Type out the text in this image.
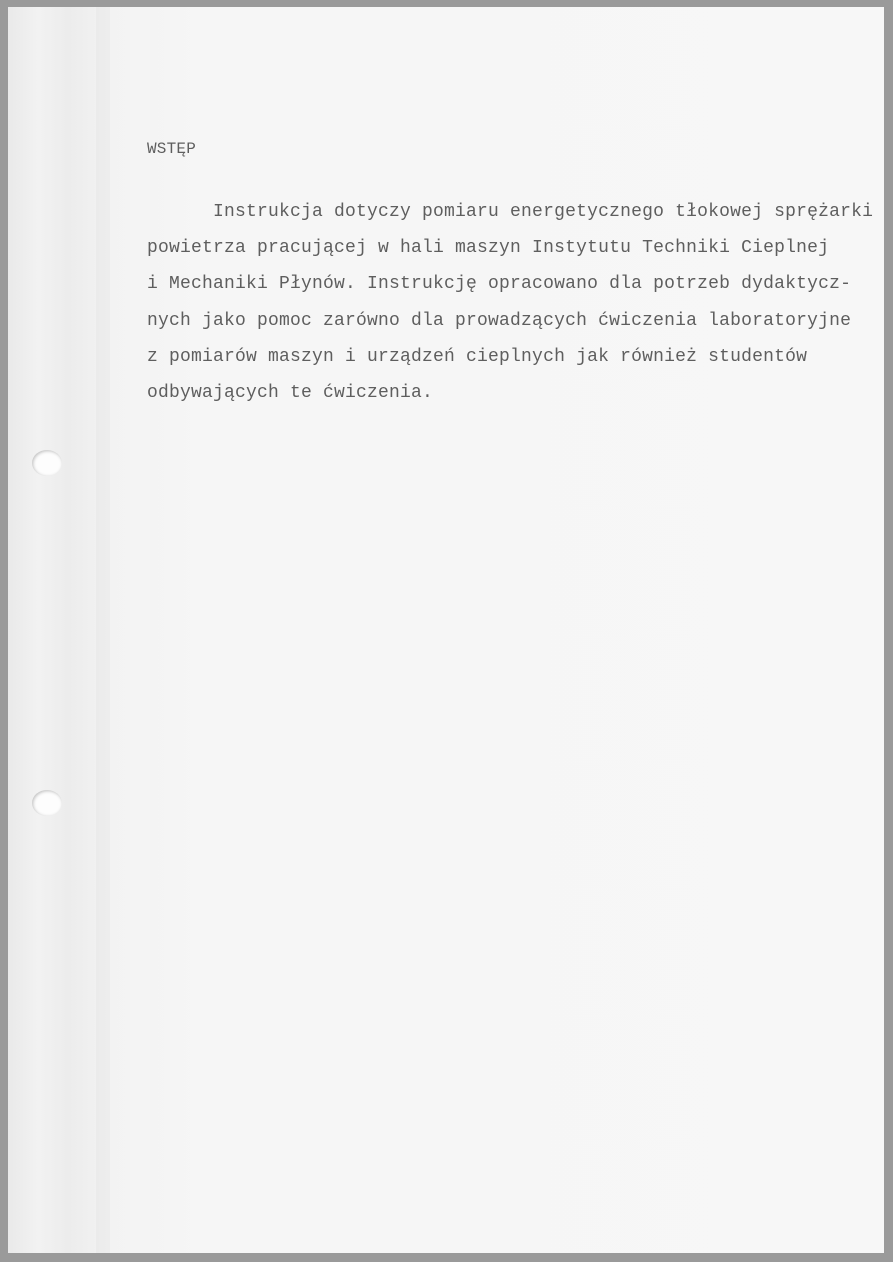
WSTĘP
Instrukcja dotyczy pomiaru energetycznego tłokowej sprężarki
powietrza pracującej w hali maszyn Instytutu Techniki Cieplnej
i Mechaniki Płynów. Instrukcję opracowano dla potrzeb dydaktycz-
nych jako pomoc zarówno dla prowadzących ćwiczenia laboratoryjne
z pomiarów maszyn i urządzeń cieplnych jak również studentów
odbywających te ćwiczenia.
